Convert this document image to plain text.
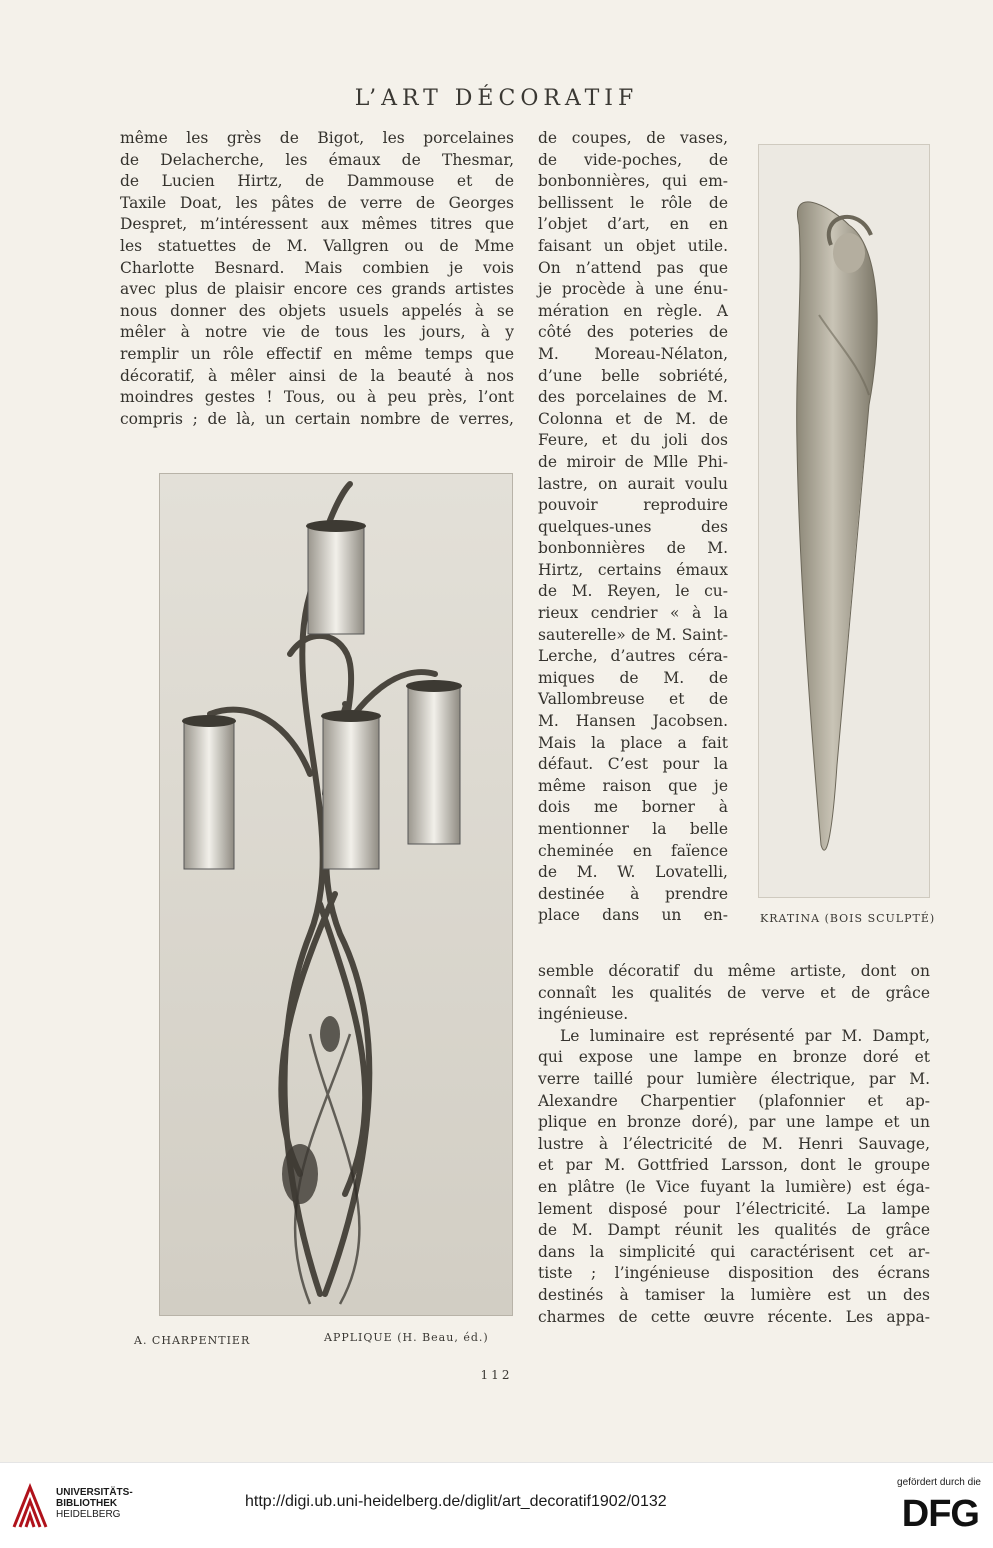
L’ART DÉCORATIF
même les grès de Bigot, les porcelaines
de Delacherche, les émaux de Thesmar,
de Lucien Hirtz, de Dammouse et de
Taxile Doat, les pâtes de verre de Georges
Despret, m’intéressent aux mêmes titres que
les statuettes de M. Vallgren ou de Mme
Charlotte Besnard. Mais combien je vois
avec plus de plaisir encore ces grands artistes
nous donner des objets usuels appelés à se
mêler à notre vie de tous les jours, à y
remplir un rôle effectif en même temps que
décoratif, à mêler ainsi de la beauté à nos
moindres gestes ! Tous, ou à peu près, l’ont
compris ; de là, un certain nombre de verres,
de coupes, de vases,
de vide-poches, de
bonbonnières, qui em-
bellissent le rôle de
l’objet d’art, en en
faisant un objet utile.
On n’attend pas que
je procède à une énu-
mération en règle. A
côté des poteries de
M. Moreau-Nélaton,
d’une belle sobriété,
des porcelaines de M.
Colonna et de M. de
Feure, et du joli dos
de miroir de Mlle Phi-
lastre, on aurait voulu
pouvoir reproduire
quelques-unes des
bonbonnières de M.
Hirtz, certains émaux
de M. Reyen, le cu-
rieux cendrier « à la
sauterelle» de M. Saint-
Lerche, d’autres céra-
miques de M. de
Vallombreuse et de
M. Hansen Jacobsen.
Mais la place a fait
défaut. C’est pour la
même raison que je
dois me borner à
mentionner la belle
cheminée en faïence
de M. W. Lovatelli,
destinée à prendre
place dans un en-
semble décoratif du même artiste, dont on
connaît les qualités de verve et de grâce
ingénieuse.
Le luminaire est représenté par M. Dampt,
qui expose une lampe en bronze doré et
verre taillé pour lumière électrique, par M.
Alexandre Charpentier (plafonnier et ap-
plique en bronze doré), par une lampe et un
lustre à l’électricité de M. Henri Sauvage,
et par M. Gottfried Larsson, dont le groupe
en plâtre (le Vice fuyant la lumière) est éga-
lement disposé pour l’électricité. La lampe
de M. Dampt réunit les qualités de grâce
dans la simplicité qui caractérisent cet ar-
tiste ; l’ingénieuse disposition des écrans
destinés à tamiser la lumière est un des
charmes de cette œuvre récente. Les appa-
A. CHARPENTIER	APPLIQUE (H. Beau, éd.)
KRATINA (BOIS SCULPTÉ)
112
UNIVERSITÄTS-
BIBLIOTHEK
HEIDELBERG
http://digi.ub.uni-heidelberg.de/diglit/art_decoratif1902/0132
gefördert durch die
DFG
